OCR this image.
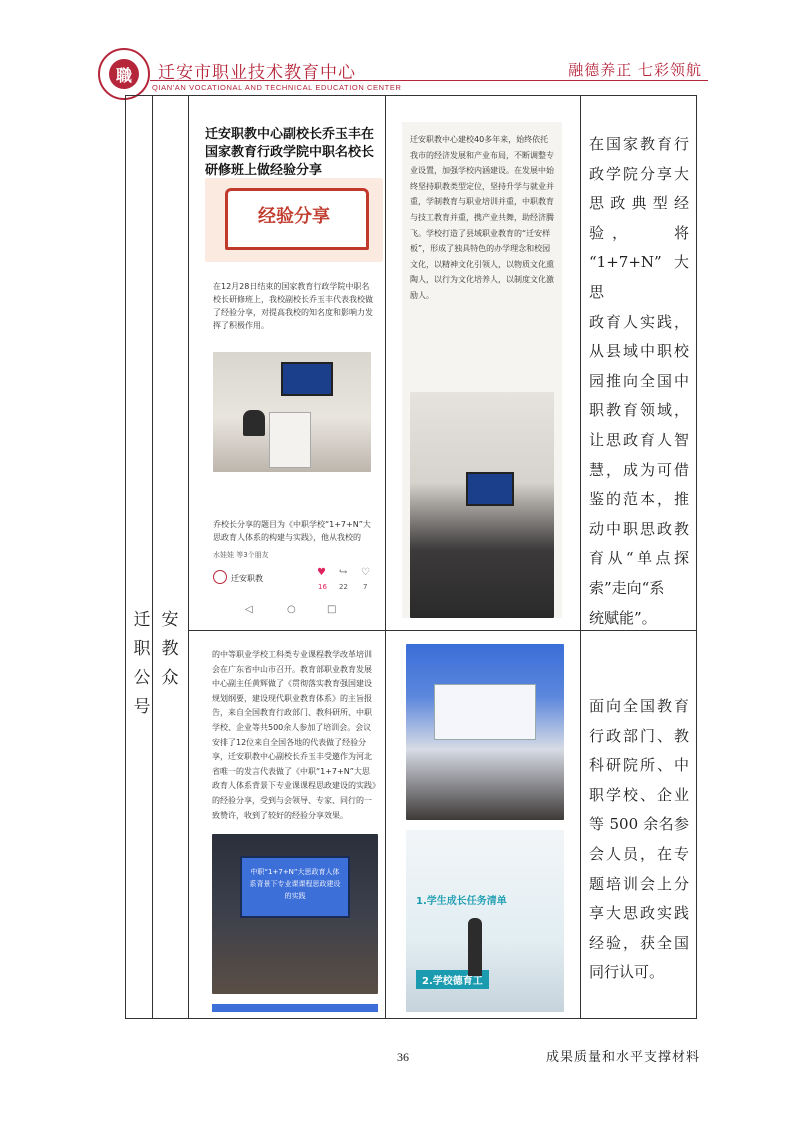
職	迁安市职业技术教育中心
QIAN'AN VOCATIONAL AND TECHNICAL EDUCATION CENTER
融德养正 七彩领航
迁
职
公
号
安
教
众
迁安职教中心副校长乔玉丰在国家教育行政学院中职名校长研修班上做经验分享
经验分享
在12月28日结束的国家教育行政学院中职名校长研修班上，我校副校长乔玉丰代表我校做了经验分享，对提高我校的知名度和影响力发挥了积极作用。
乔校长分享的题目为《中职学校“1+7+N”大思政育人体系的构建与实践》，他从我校的
水娃娃 等3个朋友
迁安职教
♥ ↪ ♡
16 22 7
◁	○	□
迁安职教中心建校40多年来，始终依托我市的经济发展和产业布局，不断调整专业设置，加强学校内涵建设。在发展中始终坚持职教类型定位，坚持升学与就业并重，学制教育与职业培训并重，中职教育与技工教育并重，携产业共舞，助经济腾飞。学校打造了县域职业教育的“迁安样板”，形成了独具特色的办学理念和校园文化，以精神文化引领人，以物质文化熏陶人，以行为文化培养人，以制度文化激励人。
在国家教育行
政学院分享大
思政典型经
验，　　将
“1+7+N”大思
政育人实践，
从县域中职校
园推向全国中
职教育领域，
让思政育人智
慧，成为可借
鉴的范本，推
动中职思政教
育从“单点探
索”走向“系
统赋能”。
的中等职业学校工科类专业课程教学改革培训会在广东省中山市召开。教育部职业教育发展中心副主任黄辉做了《贯彻落实教育强国建设规划纲要，建设现代职业教育体系》的主旨报告，来自全国教育行政部门、教科研所、中职学校、企业等共500余人参加了培训会。会议安排了12位来自全国各地的代表做了经验分享，迁安职教中心副校长乔玉丰受邀作为河北省唯一的发言代表做了《中职“1+7+N”大思政育人体系背景下专业课课程思政建设的实践》的经验分享，受到与会领导、专家、同行的一致赞许，收到了较好的经验分享效果。
中职“1+7+N”大思政育人体系背景下专业课课程思政建设的实践	1.学生成长任务清单
2.学校德育工
面向全国教育
行政部门、教
科研院所、中
职学校、企业
等 500 余名参
会人员，在专
题培训会上分
享大思政实践
经验，获全国
同行认可。
36	成果质量和水平支撑材料
